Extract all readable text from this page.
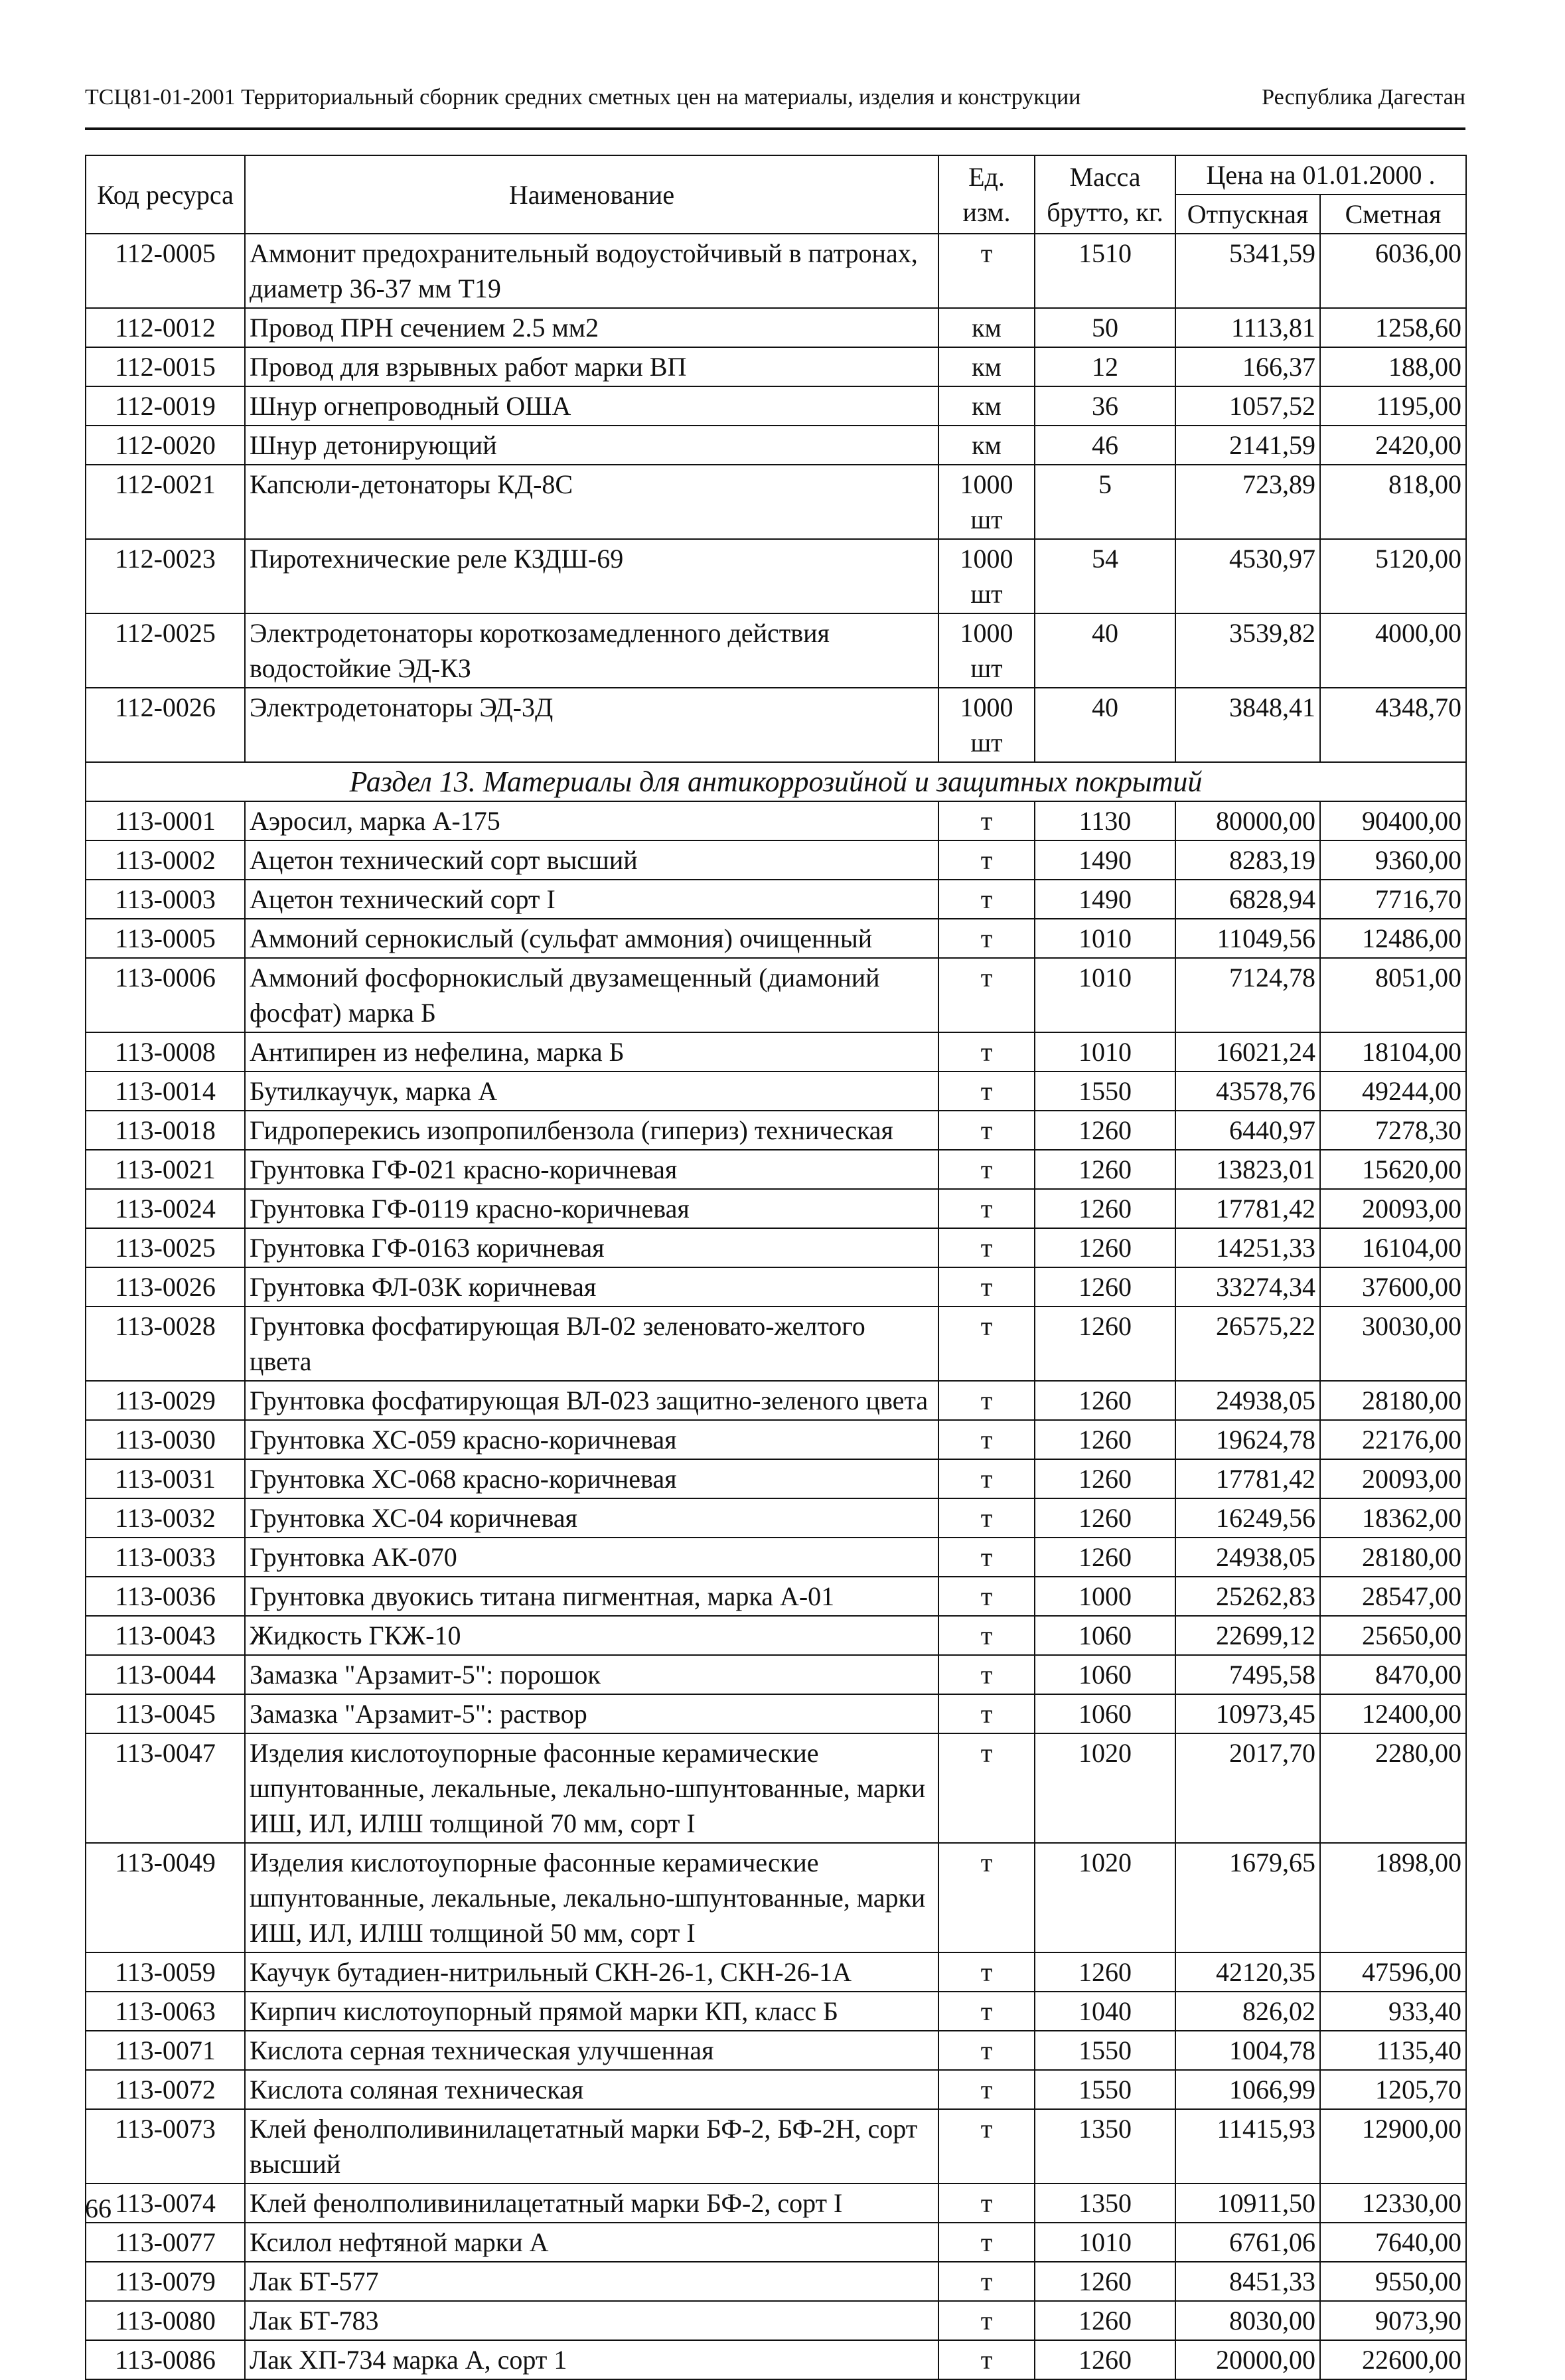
ТСЦ81-01-2001 Территориальный сборник средних сметных цен на материалы, изделия и конструкции	Республика Дагестан
Код ресурса	Наименование	Ед. изм.	Масса брутто, кг.	Цена на 01.01.2000 .	
				Отпускная	Сметная
112-0005	Аммонит предохранительный водоустойчивый в патронах, диаметр 36-37 мм Т19	т	1510	5341,59	6036,00
112-0012	Провод ПРН сечением 2.5 мм2	км	50	1113,81	1258,60
112-0015	Провод для взрывных работ марки ВП	км	12	166,37	188,00
112-0019	Шнур огнепроводный ОША	км	36	1057,52	1195,00
112-0020	Шнур детонирующий	км	46	2141,59	2420,00
112-0021	Капсюли-детонаторы КД-8С	1000 шт	5	723,89	818,00
112-0023	Пиротехнические реле КЗДШ-69	1000 шт	54	4530,97	5120,00
112-0025	Электродетонаторы короткозамедленного действия водостойкие ЭД-КЗ	1000 шт	40	3539,82	4000,00
112-0026	Электродетонаторы ЭД-3Д	1000 шт	40	3848,41	4348,70
Раздел 13. Материалы для антикоррозийной и защитных покрытий					
113-0001	Аэросил, марка А-175	т	1130	80000,00	90400,00
113-0002	Ацетон технический сорт высший	т	1490	8283,19	9360,00
113-0003	Ацетон технический сорт I	т	1490	6828,94	7716,70
113-0005	Аммоний сернокислый (сульфат аммония) очищенный	т	1010	11049,56	12486,00
113-0006	Аммоний фосфорнокислый двузамещенный (диамоний фосфат) марка Б	т	1010	7124,78	8051,00
113-0008	Антипирен из нефелина, марка Б	т	1010	16021,24	18104,00
113-0014	Бутилкаучук, марка А	т	1550	43578,76	49244,00
113-0018	Гидроперекись изопропилбензола (гипериз) техническая	т	1260	6440,97	7278,30
113-0021	Грунтовка ГФ-021 красно-коричневая	т	1260	13823,01	15620,00
113-0024	Грунтовка ГФ-0119 красно-коричневая	т	1260	17781,42	20093,00
113-0025	Грунтовка ГФ-0163 коричневая	т	1260	14251,33	16104,00
113-0026	Грунтовка ФЛ-03К коричневая	т	1260	33274,34	37600,00
113-0028	Грунтовка фосфатирующая ВЛ-02 зеленовато-желтого цвета	т	1260	26575,22	30030,00
113-0029	Грунтовка фосфатирующая ВЛ-023 защитно-зеленого цвета	т	1260	24938,05	28180,00
113-0030	Грунтовка ХС-059 красно-коричневая	т	1260	19624,78	22176,00
113-0031	Грунтовка ХС-068 красно-коричневая	т	1260	17781,42	20093,00
113-0032	Грунтовка ХС-04 коричневая	т	1260	16249,56	18362,00
113-0033	Грунтовка АК-070	т	1260	24938,05	28180,00
113-0036	Грунтовка двуокись титана пигментная, марка А-01	т	1000	25262,83	28547,00
113-0043	Жидкость ГКЖ-10	т	1060	22699,12	25650,00
113-0044	Замазка "Арзамит-5": порошок	т	1060	7495,58	8470,00
113-0045	Замазка "Арзамит-5": раствор	т	1060	10973,45	12400,00
113-0047	Изделия кислотоупорные фасонные керамические шпунтованные, лекальные, лекально-шпунтованные, марки ИШ, ИЛ, ИЛШ толщиной 70 мм, сорт I	т	1020	2017,70	2280,00
113-0049	Изделия кислотоупорные фасонные керамические шпунтованные, лекальные, лекально-шпунтованные, марки ИШ, ИЛ, ИЛШ толщиной 50 мм, сорт I	т	1020	1679,65	1898,00
113-0059	Каучук бутадиен-нитрильный СКН-26-1, СКН-26-1А	т	1260	42120,35	47596,00
113-0063	Кирпич кислотоупорный прямой марки КП, класс Б	т	1040	826,02	933,40
113-0071	Кислота серная техническая улучшенная	т	1550	1004,78	1135,40
113-0072	Кислота соляная техническая	т	1550	1066,99	1205,70
113-0073	Клей фенолполивинилацетатный марки БФ-2, БФ-2Н, сорт высший	т	1350	11415,93	12900,00
113-0074	Клей фенолполивинилацетатный марки БФ-2, сорт I	т	1350	10911,50	12330,00
113-0077	Ксилол нефтяной марки А	т	1010	6761,06	7640,00
113-0079	Лак БТ-577	т	1260	8451,33	9550,00
113-0080	Лак БТ-783	т	1260	8030,00	9073,90
113-0086	Лак ХП-734 марка А, сорт 1	т	1260	20000,00	22600,00
66
